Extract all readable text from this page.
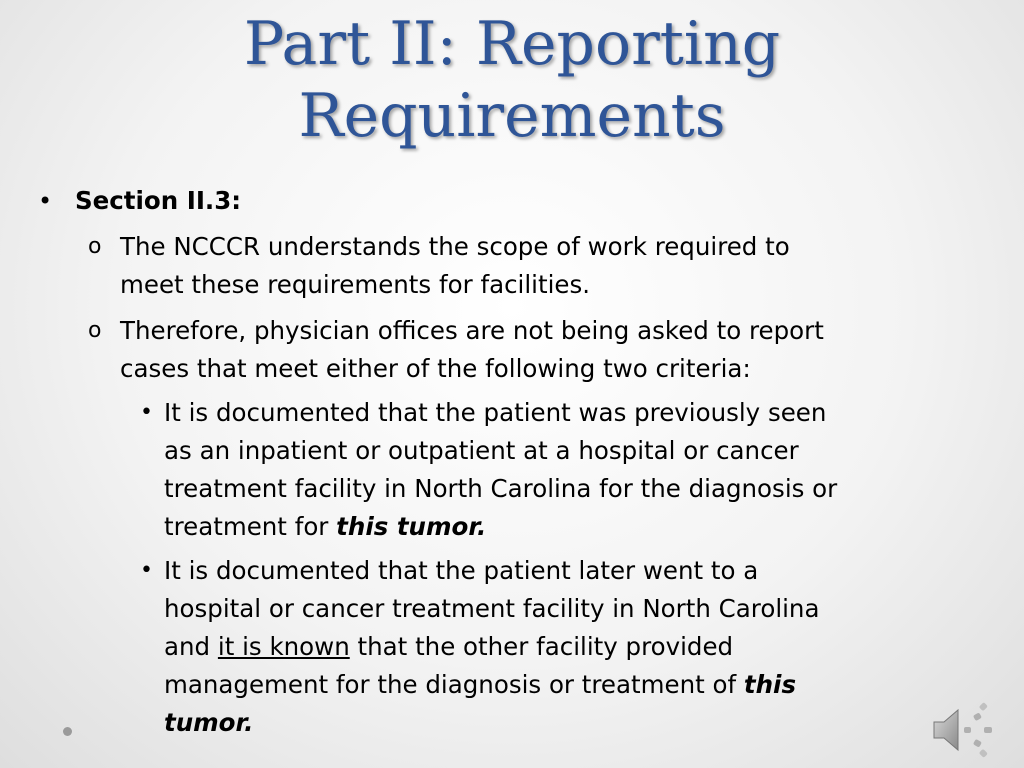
Part II: Reporting
Requirements
• Section II.3:
o The NCCCR understands the scope of work required to
meet these requirements for facilities.
o Therefore, physician offices are not being asked to report
cases that meet either of the following two criteria:
• It is documented that the patient was previously seen
as an inpatient or outpatient at a hospital or cancer
treatment facility in North Carolina for the diagnosis or
treatment for this tumor.
• It is documented that the patient later went to a
hospital or cancer treatment facility in North Carolina
and it is known that the other facility provided
management for the diagnosis or treatment of this
tumor.
